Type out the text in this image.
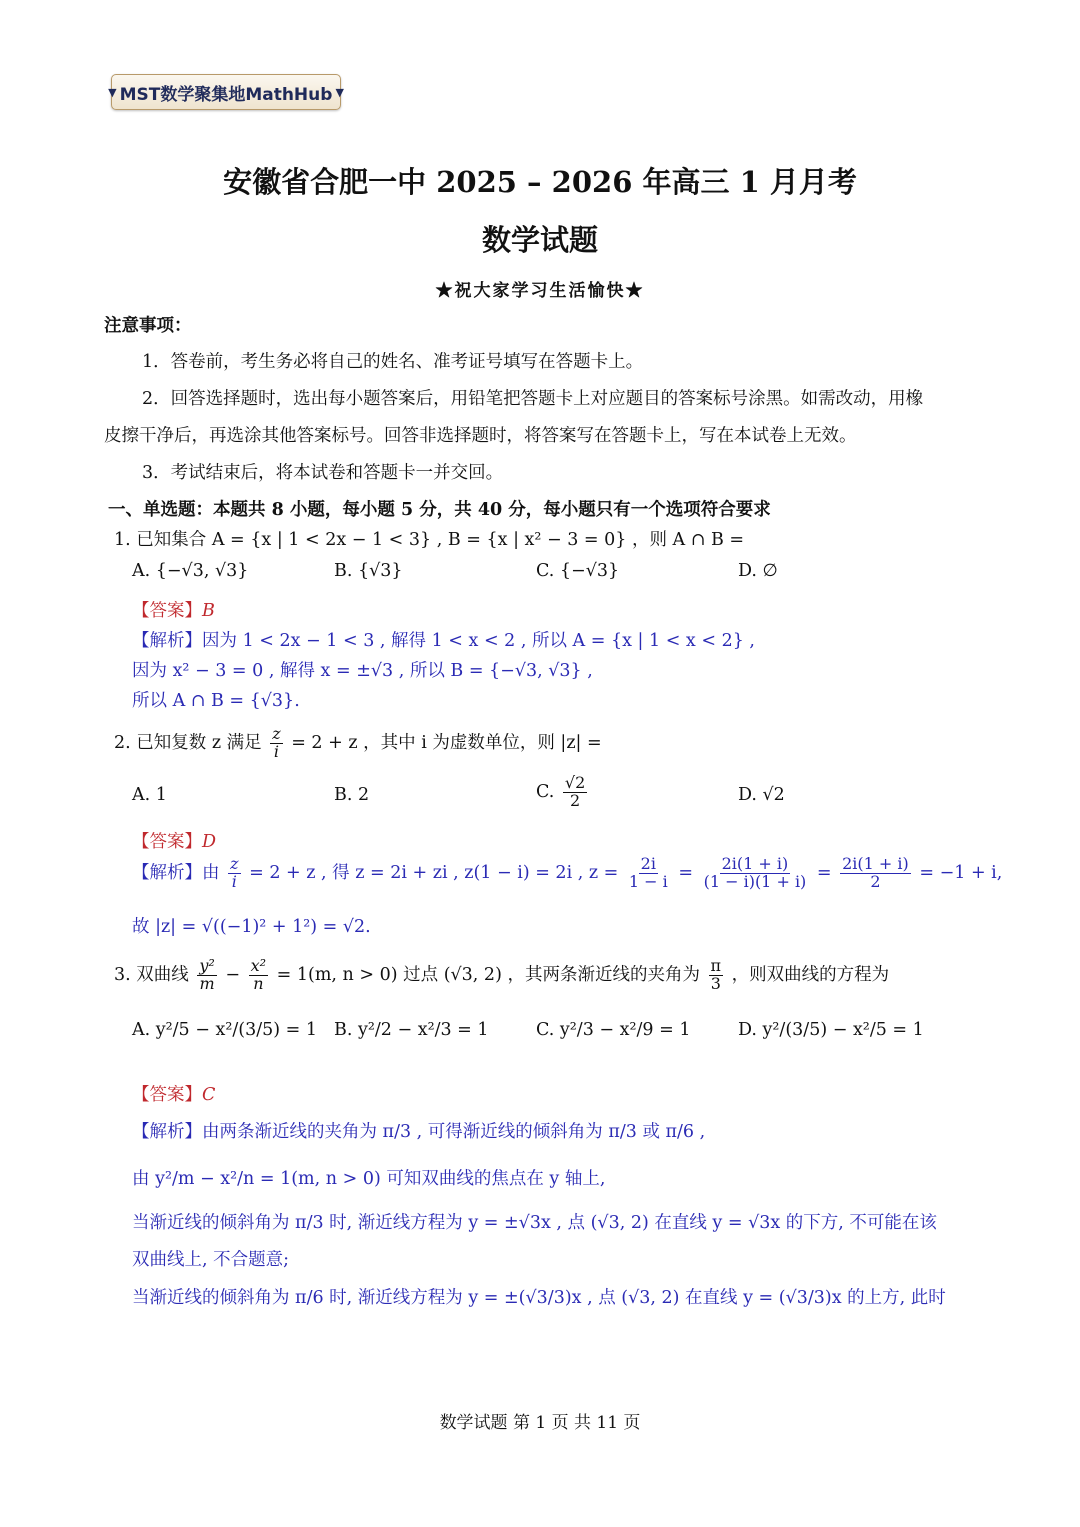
▼ MST数学聚集地MathHub ▼
安徽省合肥一中 2025 – 2026 年高三 1 月月考
数学试题
★祝大家学习生活愉快★
注意事项：
1．答卷前，考生务必将自己的姓名、准考证号填写在答题卡上。
2．回答选择题时，选出每小题答案后，用铅笔把答题卡上对应题目的答案标号涂黑。如需改动，用橡
皮擦干净后，再选涂其他答案标号。回答非选择题时，将答案写在答题卡上，写在本试卷上无效。
3．考试结束后，将本试卷和答题卡一并交回。
一、单选题：本题共 8 小题，每小题 5 分，共 40 分，每小题只有一个选项符合要求
1. 已知集合 A = {x | 1 < 2x − 1 < 3} , B = {x | x² − 3 = 0} ，则 A ∩ B =
A. {−√3, √3}	B. {√3}	C. {−√3}	D. ∅
【答案】B
【解析】因为 1 < 2x − 1 < 3 , 解得 1 < x < 2 , 所以 A = {x | 1 < x < 2} ,
因为 x² − 3 = 0 , 解得 x = ±√3 , 所以 B = {−√3, √3} ,
所以 A ∩ B = {√3}.
2. 已知复数 z 满足 $\frac{z}{i} = 2 + z$ ，其中 i 为虚数单位，则 |z| =
A. 1	B. 2	C. $\frac{√2}{2}$	D. √2
【答案】D
【解析】由 $\frac{z}{i} = 2 + z$ , 得 z = 2i + zi , z(1 − i) = 2i , $z = \frac{2i}{1 - i} = \frac{2i(1 + i)}{(1 - i)(1 + i)} = \frac{2i(1 + i)}{2} = -1 + i$,
故 |z| = √((−1)² + 1²) = √2.
3. 双曲线 $\frac{\text{y²}}{m} - \frac{\text{x²}}{n} = 1(m$, n > 0) 过点 (√3, 2) ，其两条渐近线的夹角为 $\frac{\pi}{3}$ ，则双曲线的方程为
A. y²/5 − x²/(3/5) = 1 B. y²/2 − x²/3 = 1	C. y²/3 − x²/9 = 1	D. y²/(3/5) − x²/5 = 1
【答案】C
【解析】由两条渐近线的夹角为 π/3 , 可得渐近线的倾斜角为 π/3 或 π/6 ,
由 y²/m − x²/n = 1(m, n > 0) 可知双曲线的焦点在 y 轴上,
当渐近线的倾斜角为 π/3 时, 渐近线方程为 y = ±√3x , 点 (√3, 2) 在直线 y = √3x 的下方, 不可能在该
双曲线上, 不合题意;
当渐近线的倾斜角为 π/6 时, 渐近线方程为 y = ±(√3/3)x , 点 (√3, 2) 在直线 y = (√3/3)x 的上方, 此时
数学试题 第 1 页 共 11 页
